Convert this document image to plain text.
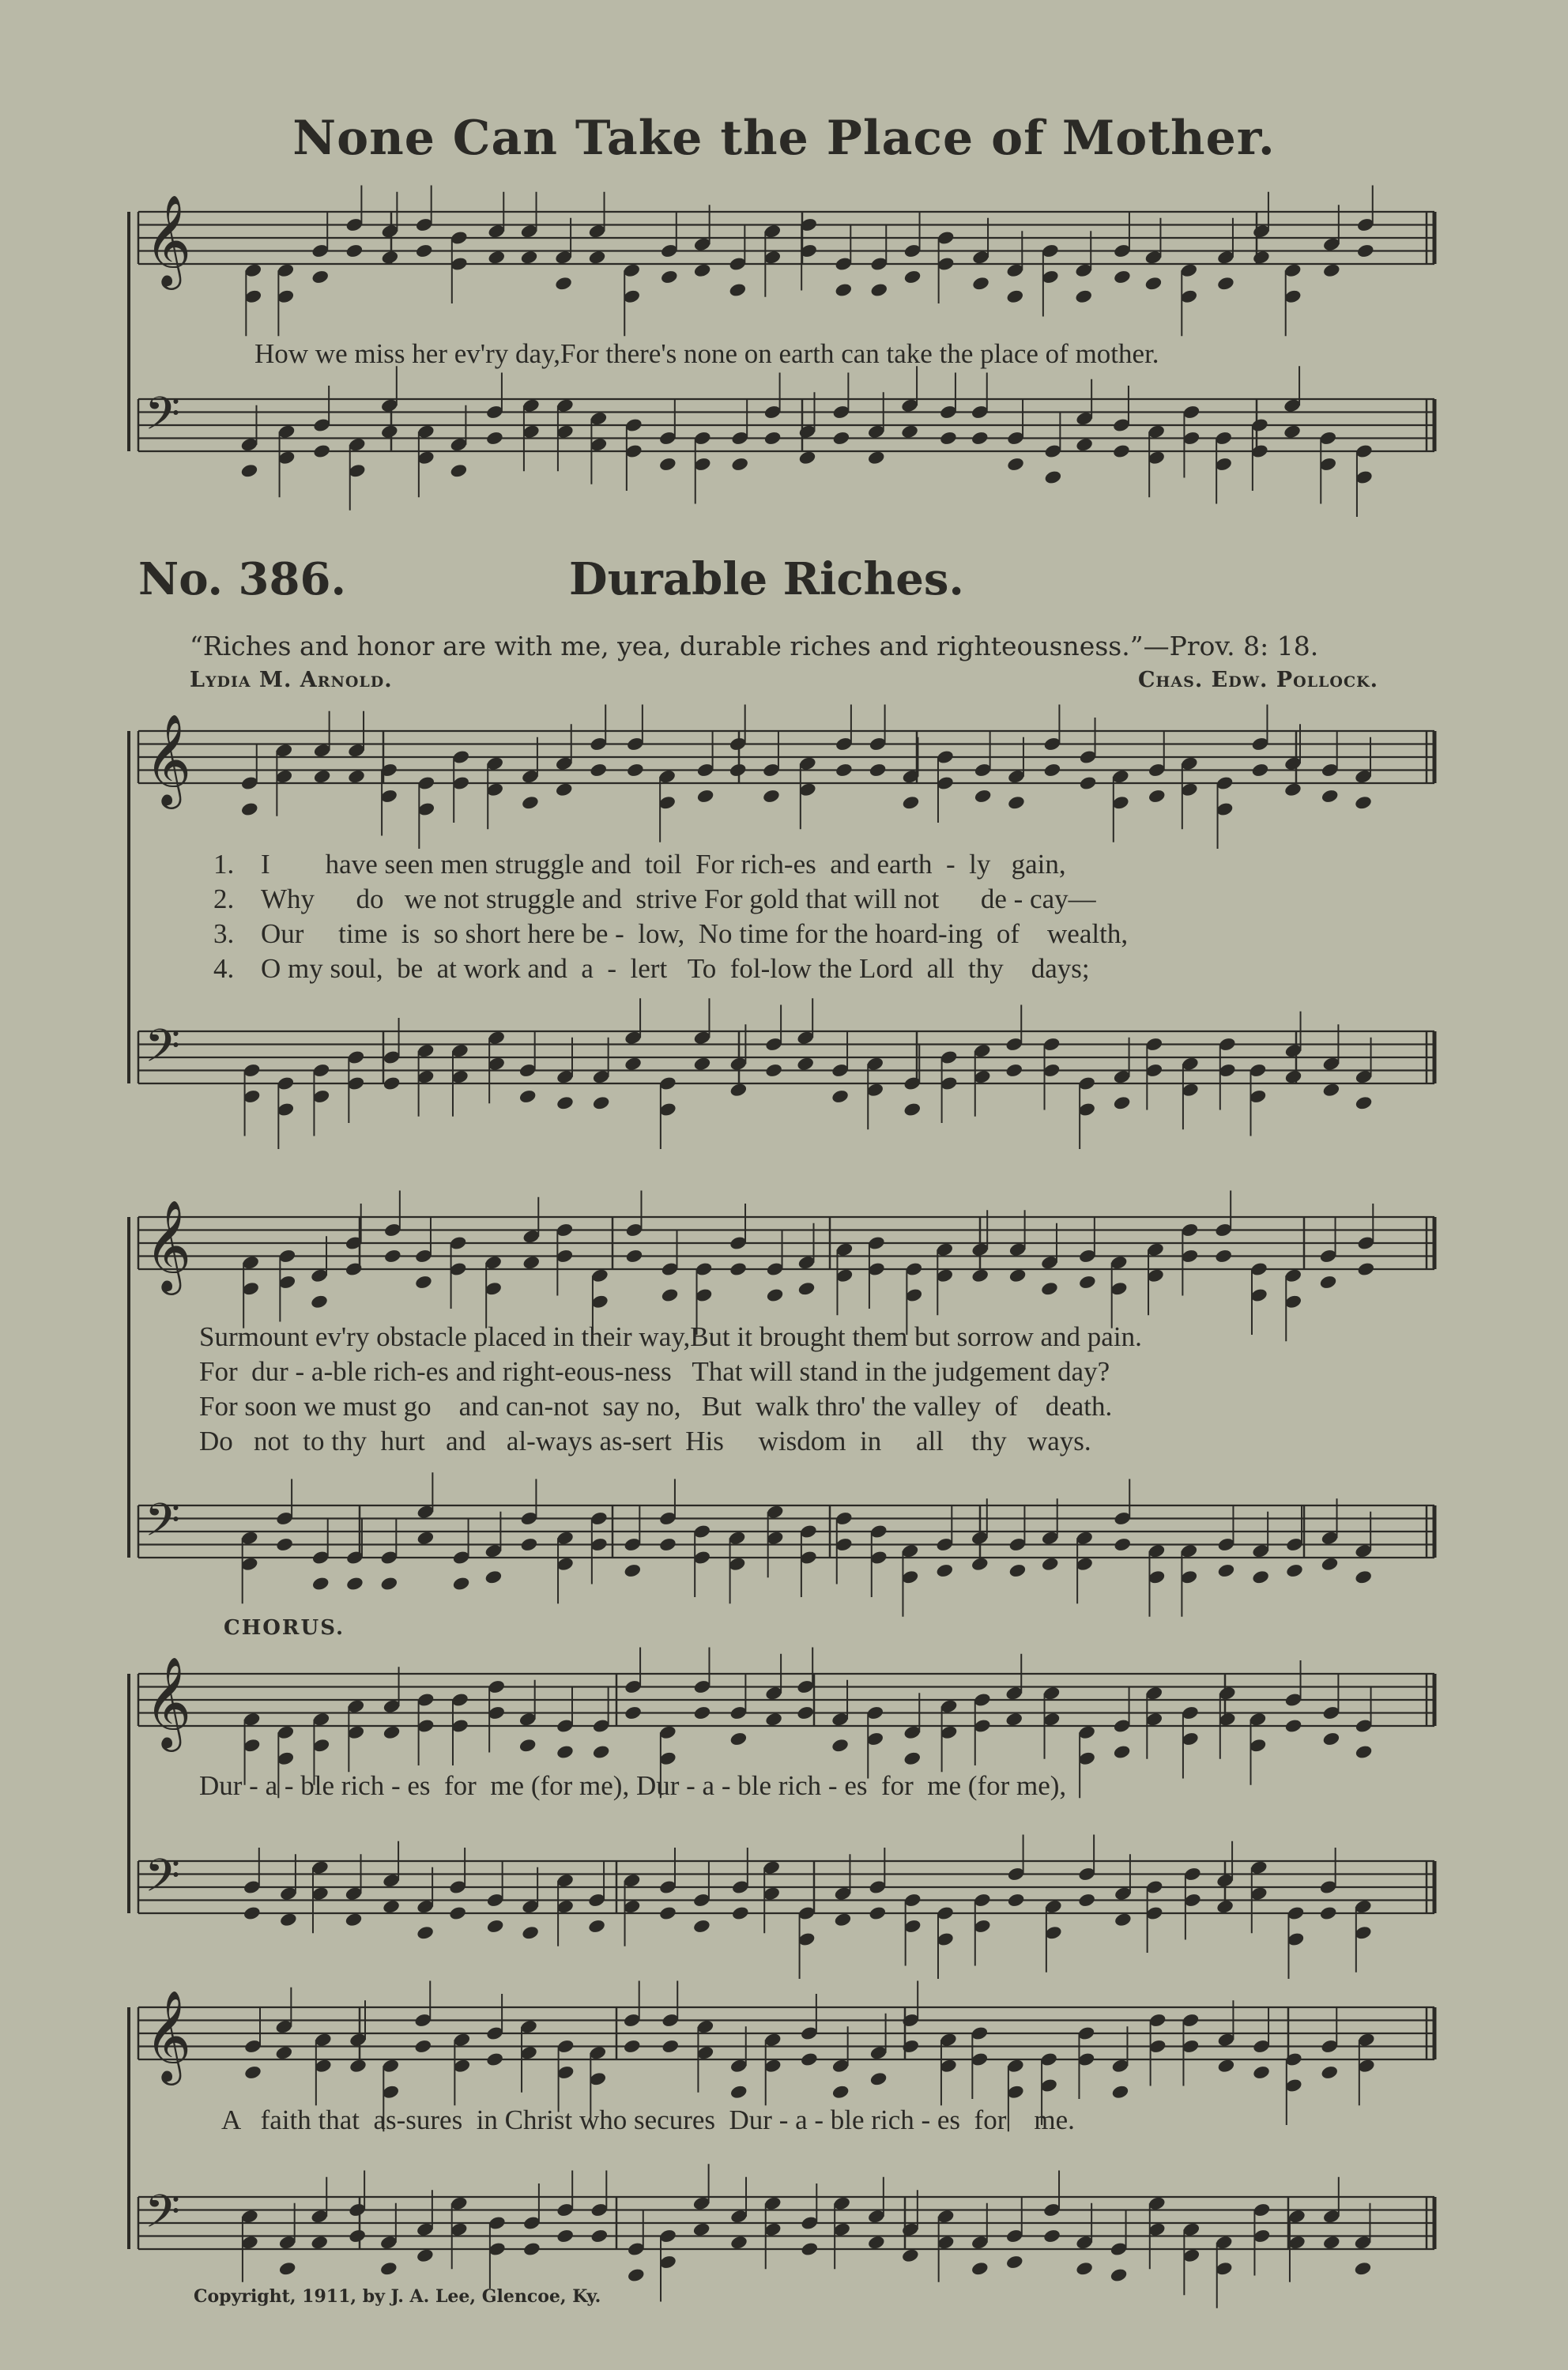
𝄞
𝄢
𝄞
𝄢
𝄞
𝄢
𝄞
𝄢
𝄞
𝄢
None Can Take the Place of Mother.
How we miss her ev'ry day,For there's none on earth can take the place of mother.
No. 386.	Durable Riches.
“Riches and honor are with me, yea, durable riches and righteousness.”—Prov. 8: 18.
Lydia M. Arnold.	Chas. Edw. Pollock.
1. I        have seen men struggle and  toil  For rich-es  and earth  -  ly   gain,
2. Why      do   we not struggle and  strive For gold that will not      de - cay—
3. Our     time  is  so short here be -  low,  No time for the hoard-ing  of    wealth,
4. O my soul,  be  at work and  a  -  lert   To  fol-low the Lord  all  thy    days;
Surmount ev'ry obstacle placed in their way,But it brought them but sorrow and pain.
For  dur - a-ble rich-es and right-eous-ness   That will stand in the judgement day?
For soon we must go    and can-not  say no,   But  walk thro' the valley  of    death.
Do   not  to thy  hurt   and   al-ways as-sert  His     wisdom  in     all    thy   ways.
CHORUS.
Dur - a - ble rich - es  for  me (for me), Dur - a - ble rich - es  for  me (for me),
A   faith that  as-sures  in Christ who secures  Dur - a - ble rich - es  for    me.
Copyright, 1911, by J. A. Lee, Glencoe, Ky.
